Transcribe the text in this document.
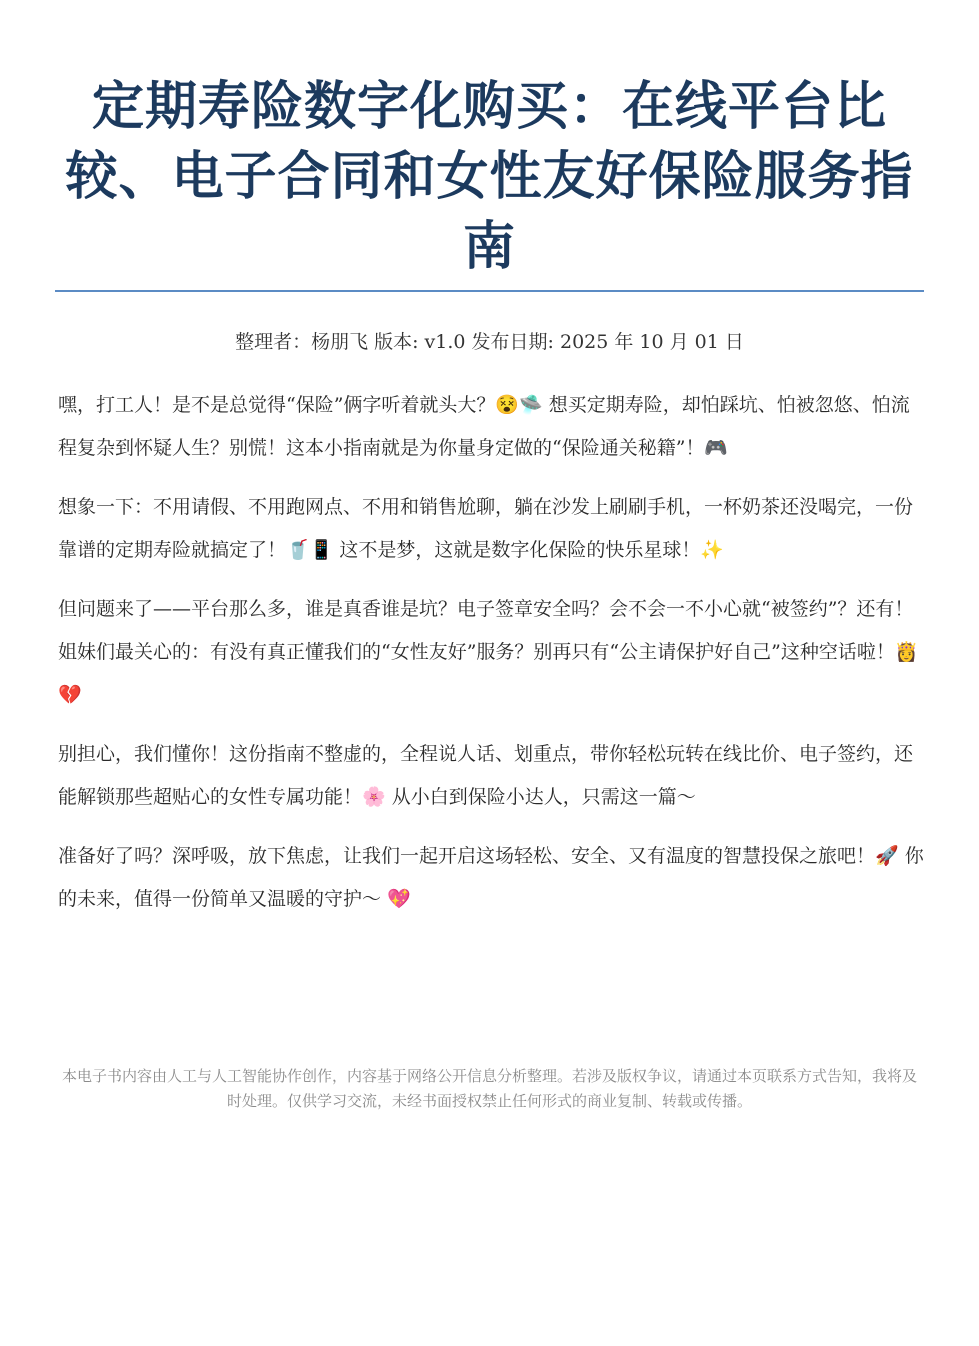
定期寿险数字化购买：在线平台比较、电子合同和女性友好保险服务指南
整理者：杨朋飞 版本: v1.0 发布日期: 2025 年 10 月 01 日

嘿，打工人！是不是总觉得“保险”俩字听着就头大？😵🛸 想买定期寿险，却怕踩坑、怕被忽悠、怕流程复杂到怀疑人生？别慌！这本小指南就是为你量身定做的“保险通关秘籍”！🎮

想象一下：不用请假、不用跑网点、不用和销售尬聊，躺在沙发上刷刷手机，一杯奶茶还没喝完，一份靠谱的定期寿险就搞定了！🥤📱 这不是梦，这就是数字化保险的快乐星球！✨

但问题来了——平台那么多，谁是真香谁是坑？电子签章安全吗？会不会一不小心就“被签约”？还有！姐妹们最关心的：有没有真正懂我们的“女性友好”服务？别再只有“公主请保护好自己”这种空话啦！👸💔

别担心，我们懂你！这份指南不整虚的，全程说人话、划重点，带你轻松玩转在线比价、电子签约，还能解锁那些超贴心的女性专属功能！🌸 从小白到保险小达人，只需这一篇～

准备好了吗？深呼吸，放下焦虑，让我们一起开启这场轻松、安全、又有温度的智慧投保之旅吧！🚀 你的未来，值得一份简单又温暖的守护～ 💖

本电子书内容由人工与人工智能协作创作，内容基于网络公开信息分析整理。若涉及版权争议，请通过本页联系方式告知，我将及时处理。仅供学习交流，未经书面授权禁止任何形式的商业复制、转载或传播。
